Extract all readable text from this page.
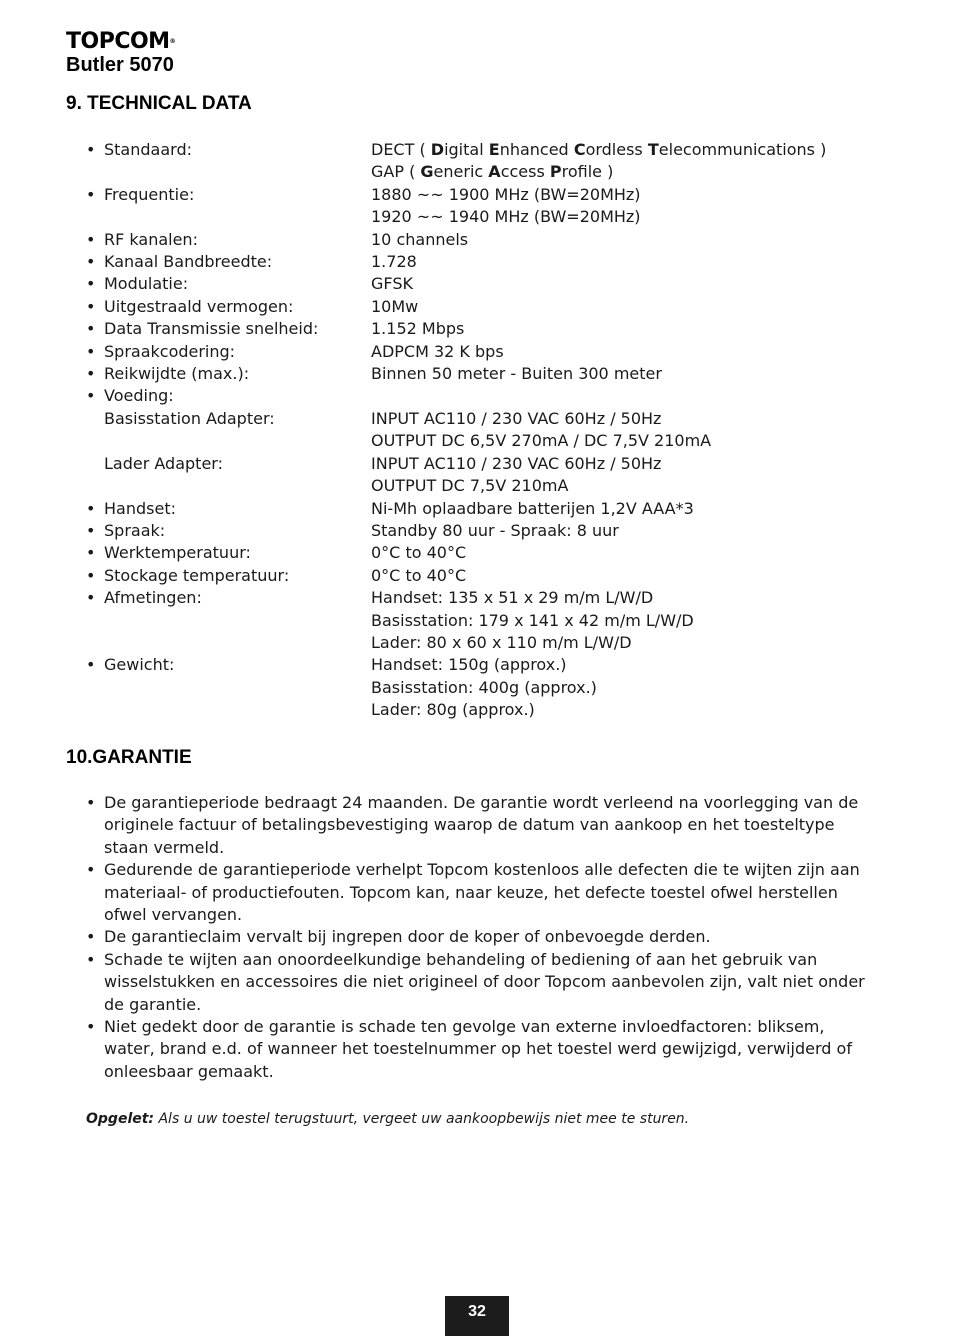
TOPCOM®
Butler 5070
9. TECHNICAL DATA
• Standaard:	DECT ( Digital Enhanced Cordless Telecommunications )
GAP ( Generic Access Profile )
• Frequentie:	1880 ~~ 1900 MHz (BW=20MHz)
1920 ~~ 1940 MHz (BW=20MHz)
• RF kanalen:	10 channels
• Kanaal Bandbreedte:	1.728
• Modulatie:	GFSK
• Uitgestraald vermogen:	10Mw
• Data Transmissie snelheid:	1.152 Mbps
• Spraakcodering:	ADPCM 32 K bps
• Reikwijdte (max.):	Binnen 50 meter - Buiten 300 meter
• Voeding:
Basisstation Adapter:	INPUT AC110 / 230 VAC 60Hz / 50Hz
OUTPUT DC 6,5V 270mA / DC 7,5V 210mA
Lader Adapter:	INPUT AC110 / 230 VAC 60Hz / 50Hz
OUTPUT DC 7,5V 210mA
• Handset:	Ni-Mh oplaadbare batterijen 1,2V AAA*3
• Spraak:	Standby 80 uur - Spraak: 8 uur
• Werktemperatuur:	0°C to 40°C
• Stockage temperatuur:	0°C to 40°C
• Afmetingen:	Handset: 135 x 51 x 29 m/m L/W/D
Basisstation: 179 x 141 x 42 m/m L/W/D
Lader: 80 x 60 x 110 m/m L/W/D
• Gewicht:	Handset: 150g (approx.)
Basisstation: 400g (approx.)
Lader: 80g (approx.)
10.GARANTIE
• De garantieperiode bedraagt 24 maanden. De garantie wordt verleend na voorlegging van de originele factuur of betalingsbevestiging waarop de datum van aankoop en het toesteltype staan vermeld.
• Gedurende de garantieperiode verhelpt Topcom kostenloos alle defecten die te wijten zijn aan materiaal- of productiefouten. Topcom kan, naar keuze, het defecte toestel ofwel herstellen ofwel vervangen.
• De garantieclaim vervalt bij ingrepen door de koper of onbevoegde derden.
• Schade te wijten aan onoordeelkundige behandeling of bediening of aan het gebruik van wisselstukken en accessoires die niet origineel of door Topcom aanbevolen zijn, valt niet onder de garantie.
• Niet gedekt door de garantie is schade ten gevolge van externe invloedfactoren: bliksem, water, brand e.d. of wanneer het toestelnummer op het toestel werd gewijzigd, verwijderd of onleesbaar gemaakt.
Opgelet: Als u uw toestel terugstuurt, vergeet uw aankoopbewijs niet mee te sturen.
32
